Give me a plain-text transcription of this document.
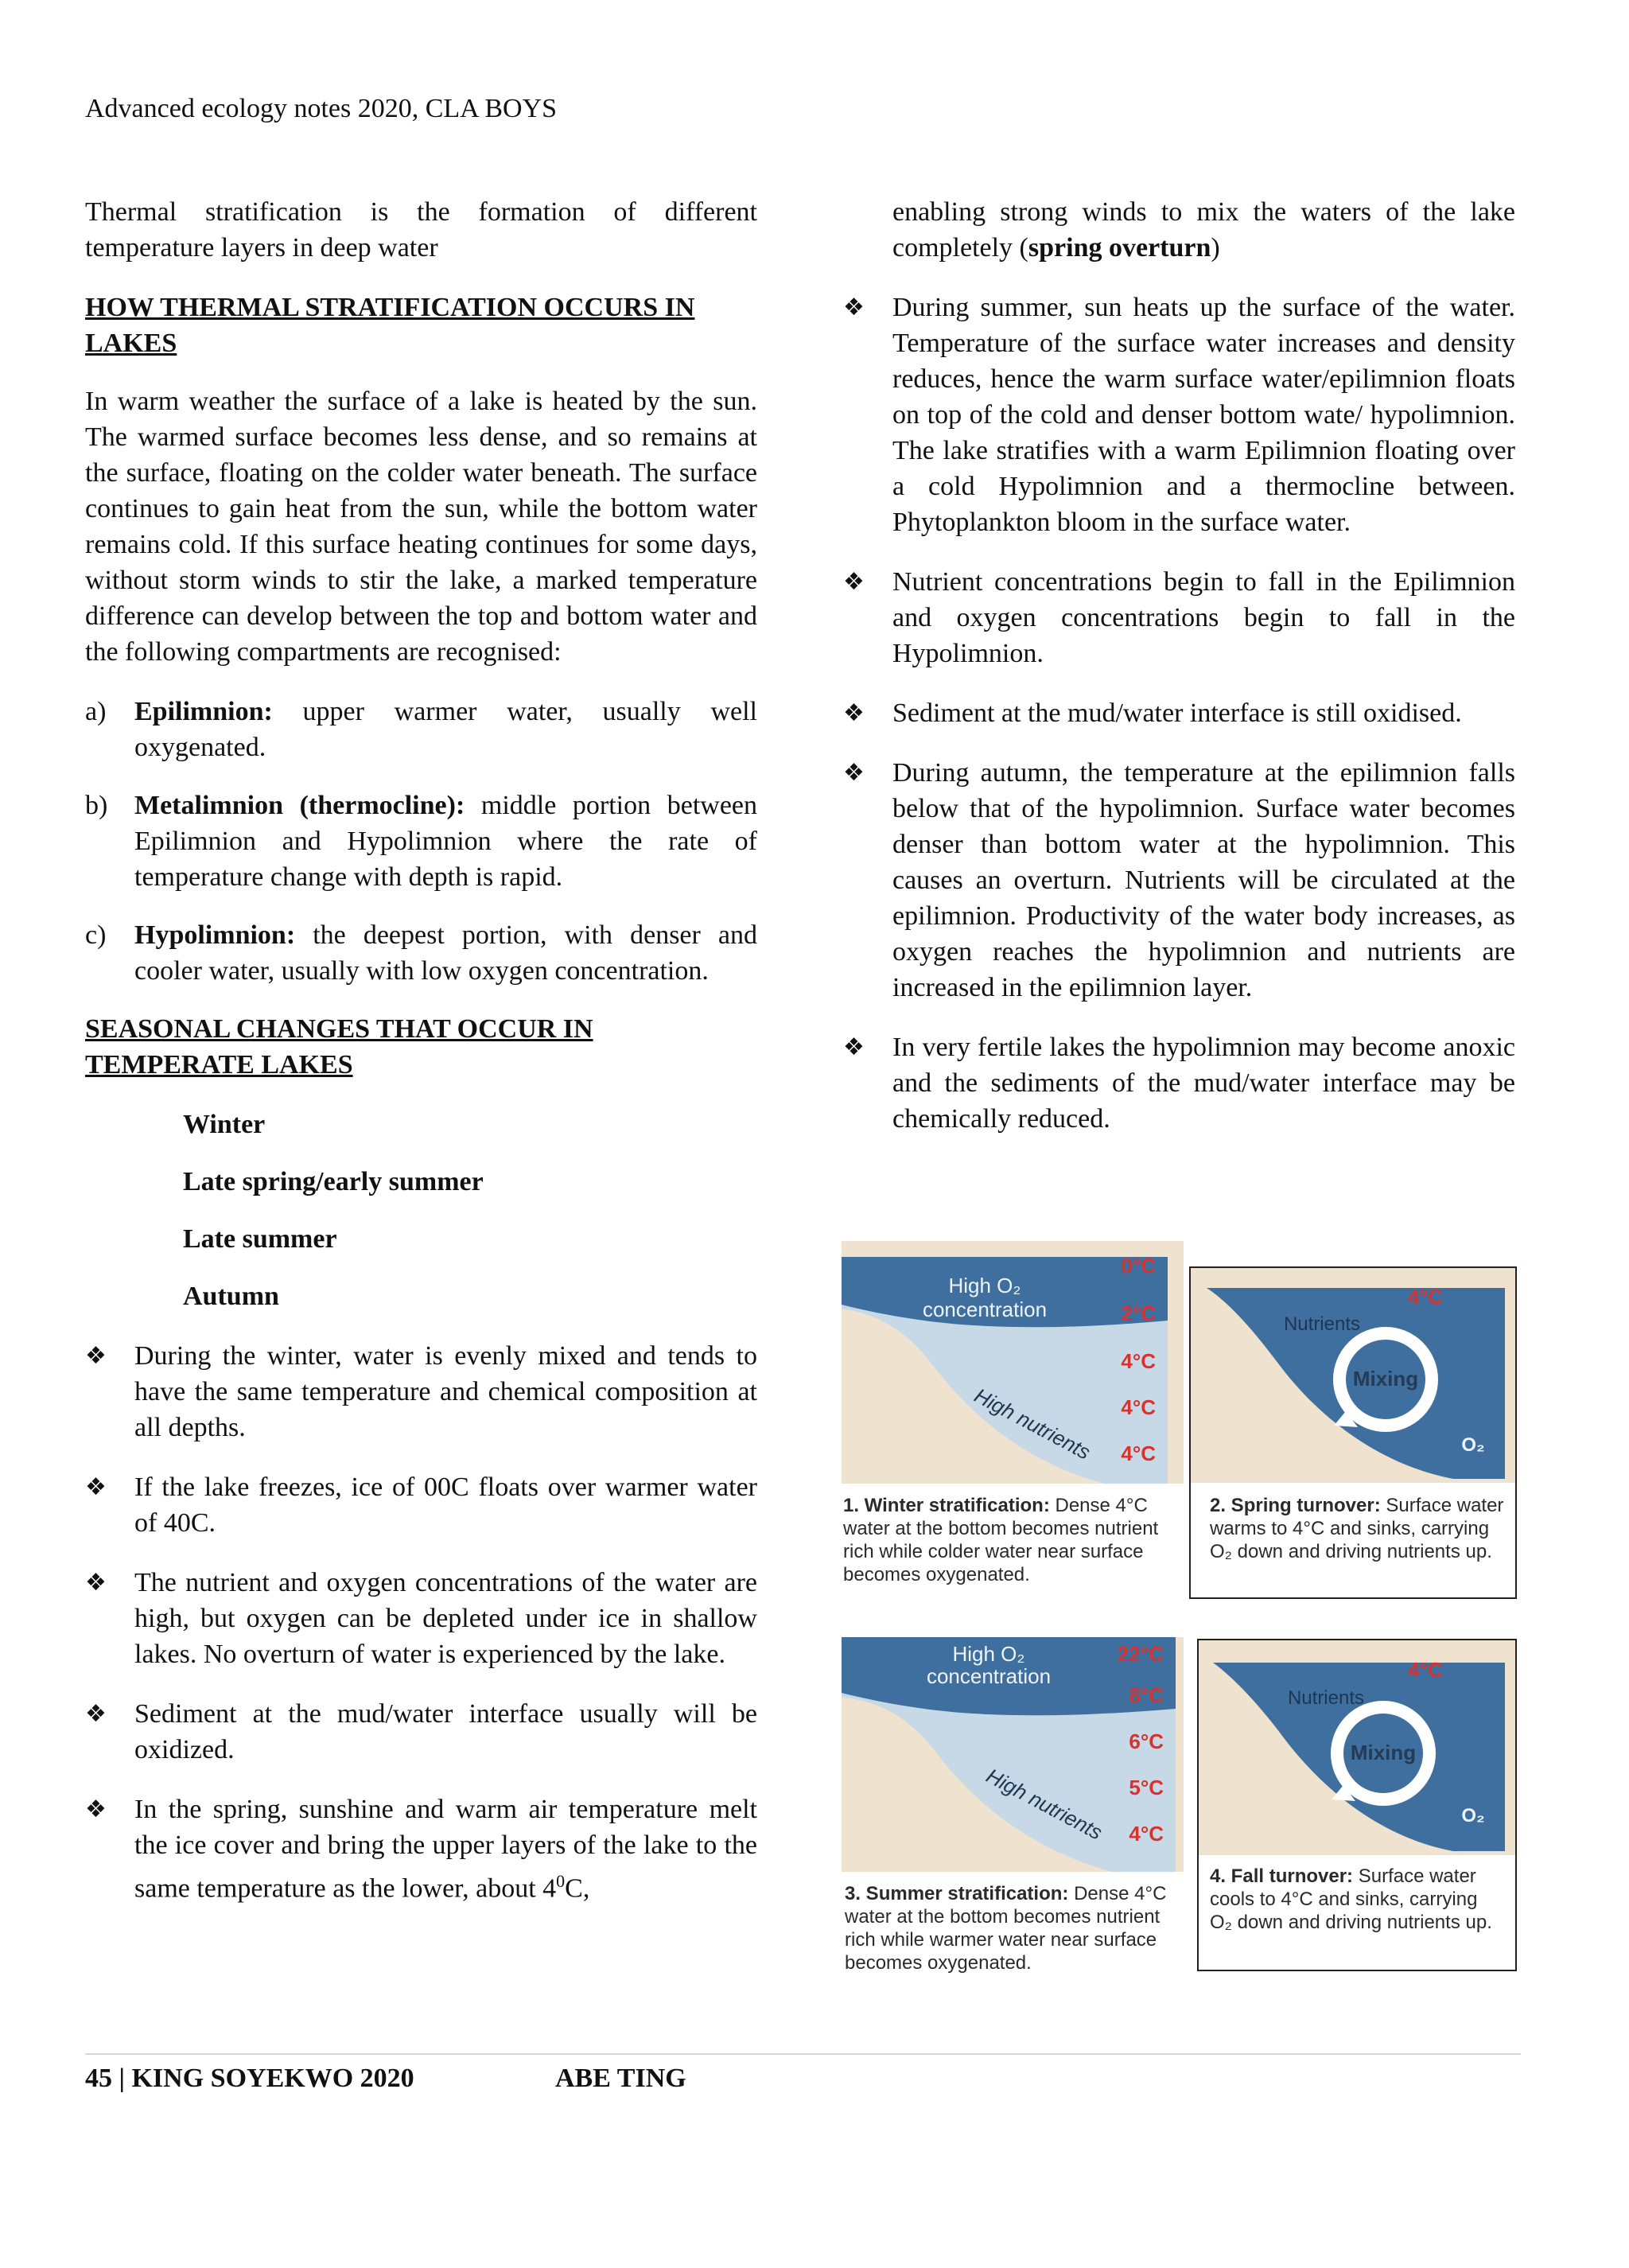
Advanced ecology notes 2020, CLA BOYS

Thermal stratification is the formation of different temperature layers in deep water

HOW THERMAL STRATIFICATION OCCURS IN LAKES

In warm weather the surface of a lake is heated by the sun. The warmed surface becomes less dense, and so remains at the surface, floating on the colder water beneath. The surface continues to gain heat from the sun, while the bottom water remains cold. If this surface heating continues for some days, without storm winds to stir the lake, a marked temperature difference can develop between the top and bottom water and the following compartments are recognised:

a)	Epilimnion: upper warmer water, usually well oxygenated.
b) Metalimnion (thermocline): middle portion between Epilimnion and Hypolimnion where the rate of temperature change with depth is rapid.
c)	Hypolimnion: the deepest portion, with denser and cooler water, usually with low oxygen concentration.
SEASONAL CHANGES THAT OCCUR IN TEMPERATE LAKES
Winter
Late spring/early summer
Late summer
Autumn
❖	During the winter, water is evenly mixed and tends to have the same temperature and chemical composition at all depths.
❖	If the lake freezes, ice of 00C floats over warmer water of 40C.
❖	The nutrient and oxygen concentrations of the water are high, but oxygen can be depleted under ice in shallow lakes. No overturn of water is experienced by the lake.
❖	Sediment at the mud/water interface usually will be oxidized.
❖	In the spring, sunshine and warm air temperature melt the ice cover and bring the upper layers of the lake to the same temperature as the lower, about $4^0C$,
enabling strong winds to mix the waters of the lake completely (spring overturn)
❖	During summer, sun heats up the surface of the water. Temperature of the surface water increases and density reduces, hence the warm surface water/epilimnion floats on top of the cold and denser bottom wate/ hypolimnion. The lake stratifies with a warm Epilimnion floating over a cold Hypolimnion and a thermocline between. Phytoplankton bloom in the surface water.
❖	Nutrient concentrations begin to fall in the Epilimnion and oxygen concentrations begin to fall in the Hypolimnion.
❖	Sediment at the mud/water interface is still oxidised.
❖	During autumn, the temperature at the epilimnion falls below that of the hypolimnion. Surface water becomes denser than bottom water at the hypolimnion. This causes an overturn. Nutrients will be circulated at the epilimnion. Productivity of the water body increases, as oxygen reaches the hypolimnion and nutrients are increased in the epilimnion layer.
❖	In very fertile lakes the hypolimnion may become anoxic and the sediments of the mud/water interface may be chemically reduced.
High O₂
concentration
0°C
2°C
4°C
4°C
4°C
High nutrients
1. Winter stratification: Dense 4°C water at the bottom becomes nutrient rich while colder water near surface becomes oxygenated.
Mixing
Nutrients
4°C
O₂
2. Spring turnover: Surface water warms to 4°C and sinks, carrying O₂ down and driving nutrients up.
High O₂
concentration
22°C
8°C
6°C
5°C
4°C
High nutrients
3. Summer stratification: Dense 4°C water at the bottom becomes nutrient rich while warmer water near surface becomes oxygenated.
Mixing
Nutrients
4°C
O₂
4. Fall turnover: Surface water cools to 4°C and sinks, carrying O₂ down and driving nutrients up.
45 | KING SOYEKWO 2020	ABE TING
